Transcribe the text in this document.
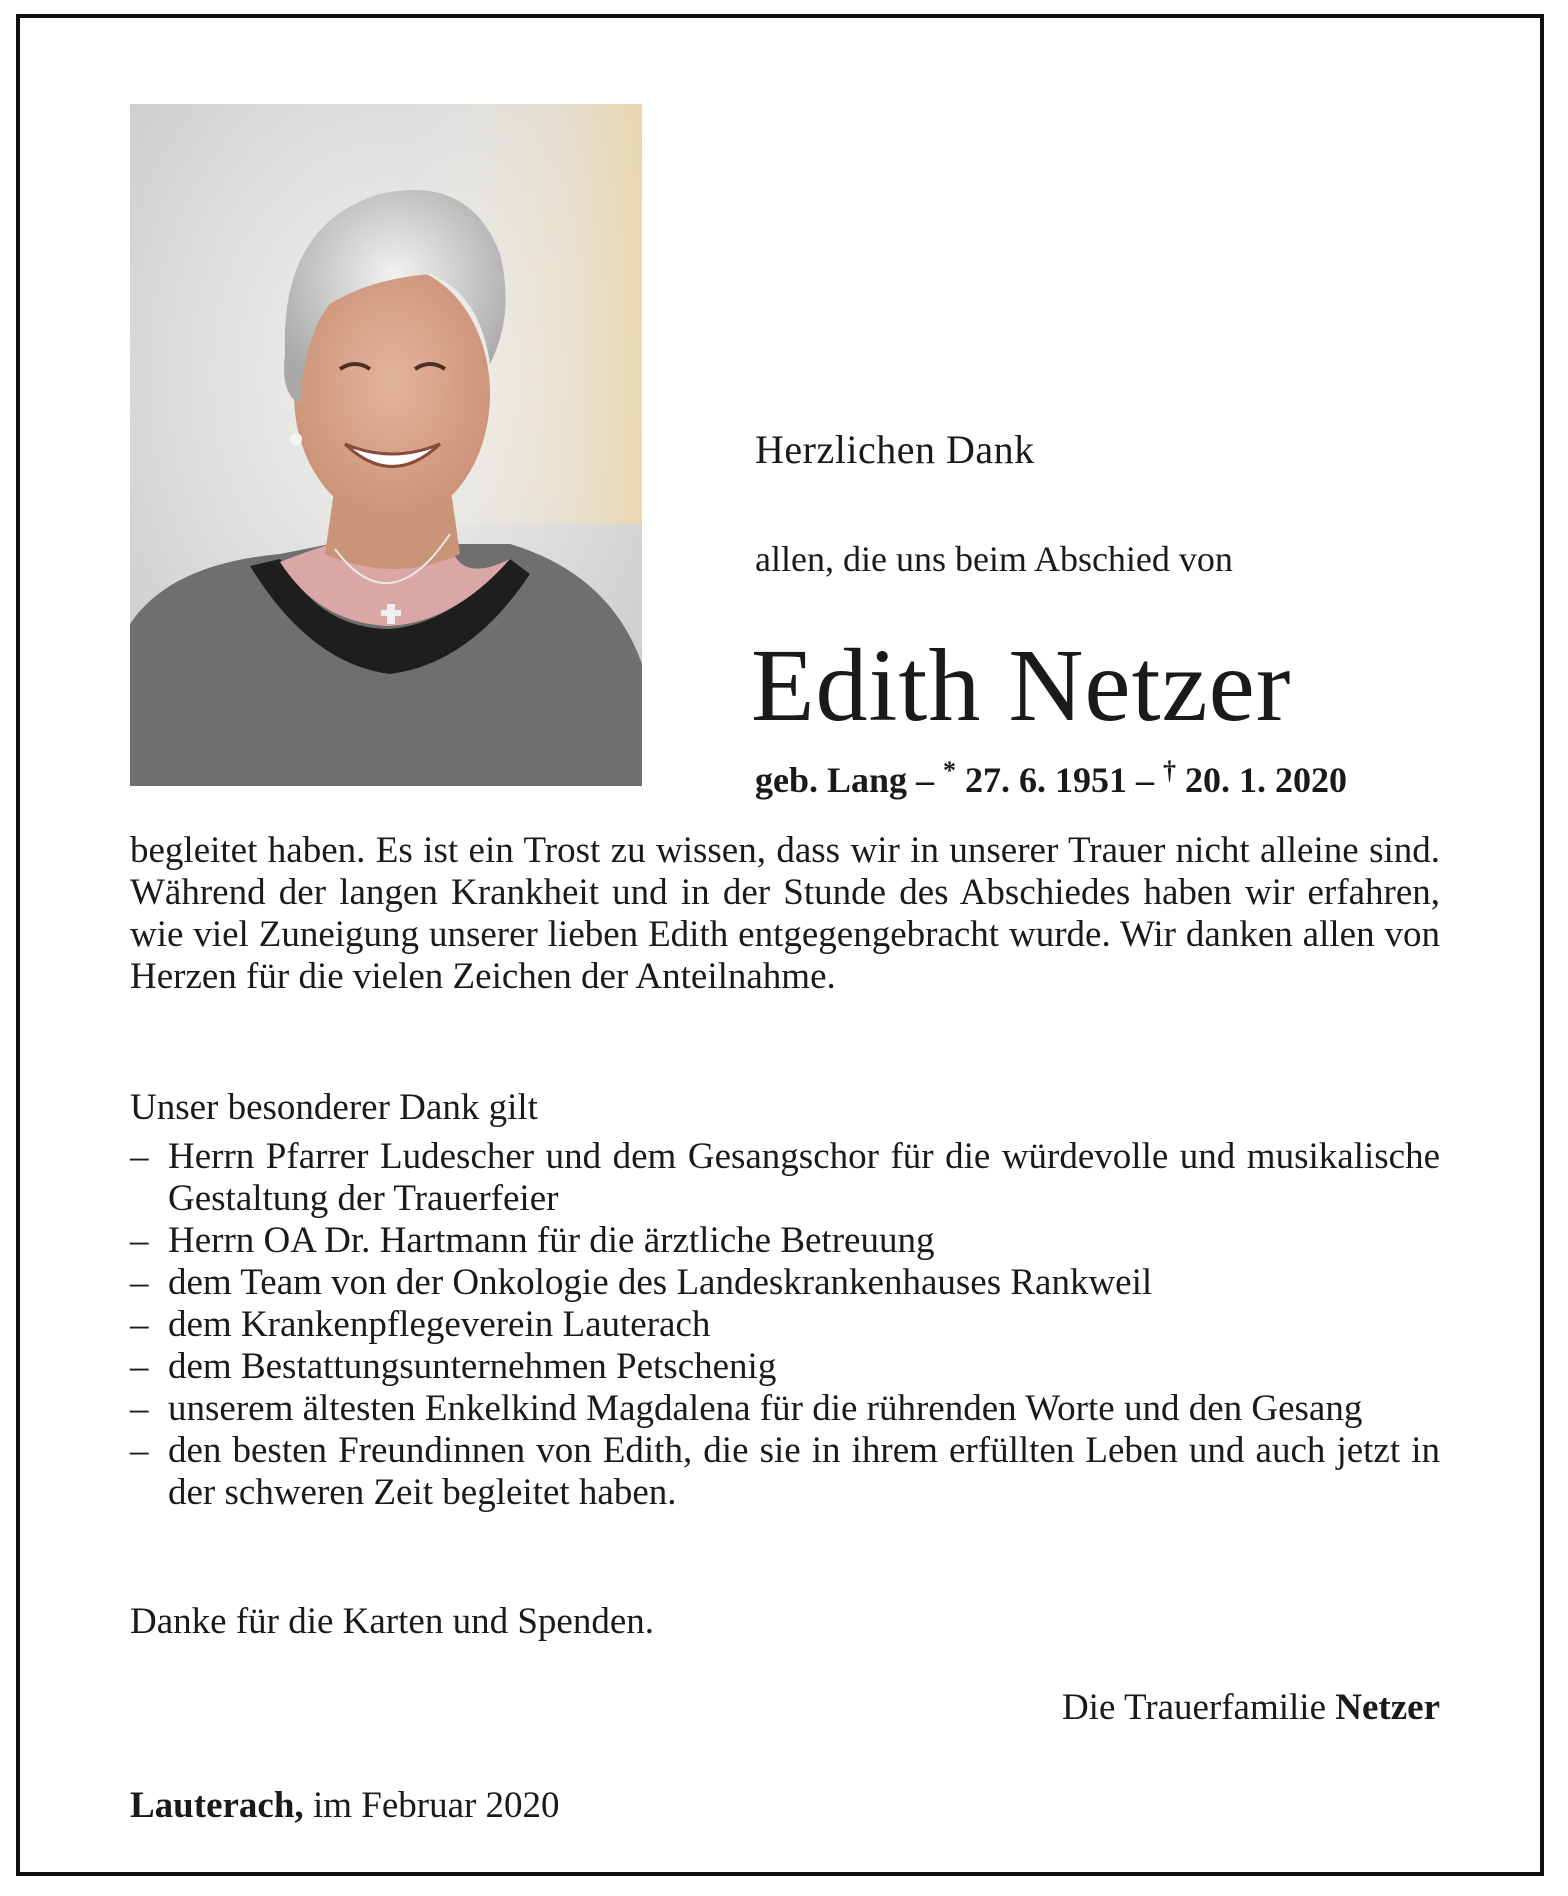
Herzlichen Dank

allen, die uns beim Abschied von

Edith Netzer
geb. Lang – * 27. 6. 1951 – † 20. 1. 2020

begleitet haben. Es ist ein Trost zu wissen, dass wir in unserer Trauer nicht alleine sind. Während der langen Krankheit und in der Stunde des Abschiedes haben wir erfahren, wie viel Zuneigung unserer lieben Edith entgegengebracht wurde. Wir danken allen von Herzen für die vielen Zeichen der Anteilnahme.

Unser besonderer Dank gilt

– Herrn Pfarrer Ludescher und dem Gesangschor für die würdevolle und musikalische Gestaltung der Trauerfeier
– Herrn OA Dr. Hartmann für die ärztliche Betreuung
– dem Team von der Onkologie des Landeskrankenhauses Rankweil
– dem Krankenpflegeverein Lauterach
– dem Bestattungsunternehmen Petschenig
– unserem ältesten Enkelkind Magdalena für die rührenden Worte und den Gesang
– den besten Freundinnen von Edith, die sie in ihrem erfüllten Leben und auch jetzt in der schweren Zeit begleitet haben.

Danke für die Karten und Spenden.

Die Trauerfamilie Netzer

Lauterach, im Februar 2020
